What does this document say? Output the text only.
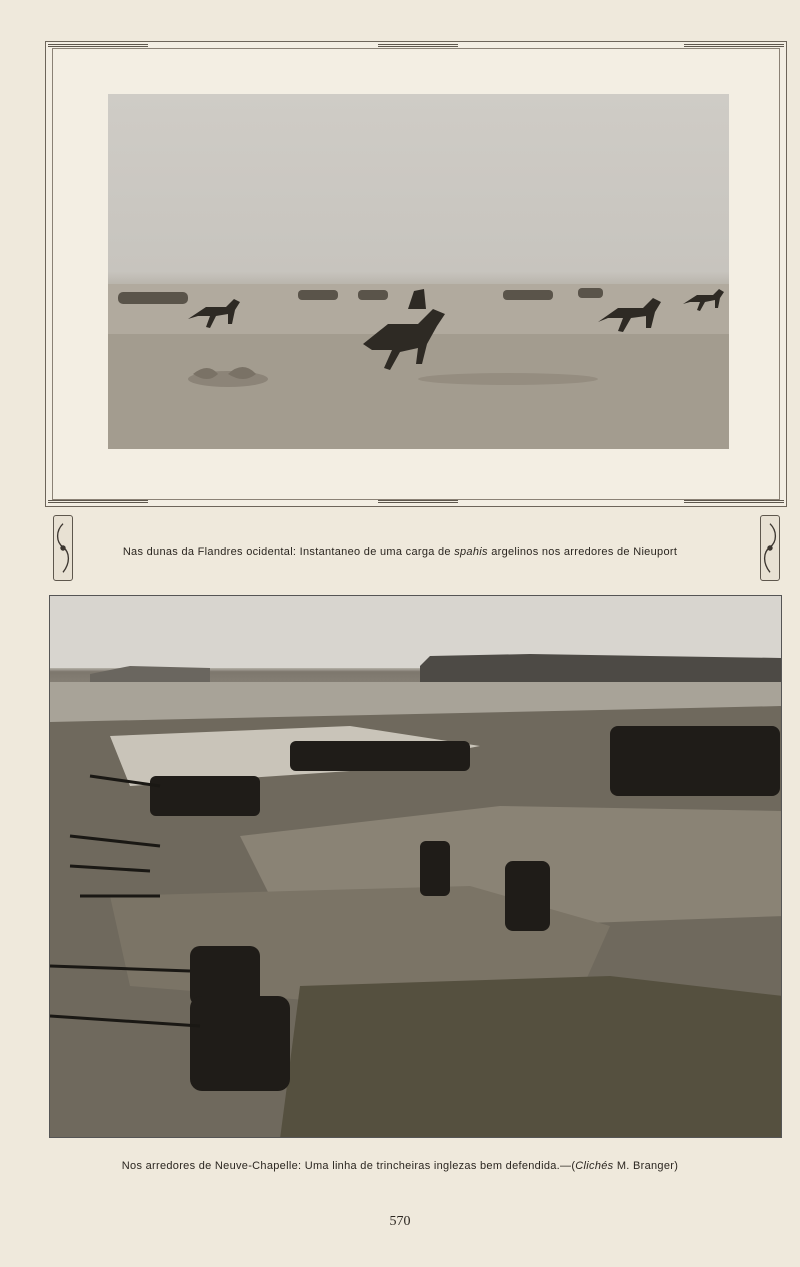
Nas dunas da Flandres ocidental: Instantaneo de uma carga de spahis argelinos nos arredores de Nieuport
Nos arredores de Neuve-Chapelle: Uma linha de trincheiras inglezas bem defendida.—(Clichés M. Branger)
570
